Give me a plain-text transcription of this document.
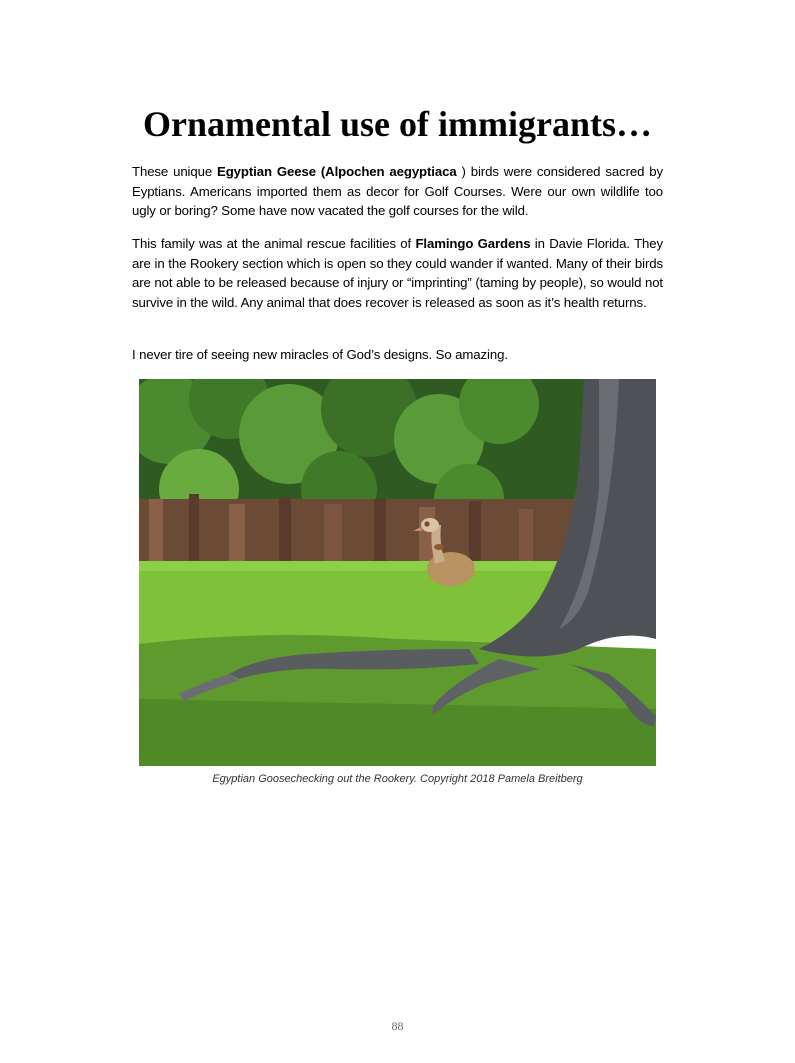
Ornamental use of immigrants…
These unique Egyptian Geese (Alpochen aegyptiaca ) birds were considered sacred by Eyptians. Americans imported them as decor for Golf Courses. Were our own wildlife too ugly or boring? Some have now vacated the golf courses for the wild.
This family was at the animal rescue facilities of Flamingo Gardens in Davie Florida. They are in the Rookery section which is open so they could wander if wanted. Many of their birds are not able to be released because of injury or “imprinting” (taming by people), so would not survive in the wild. Any animal that does recover is released as soon as it’s health returns.
I never tire of seeing new miracles of God’s designs. So amazing.
Egyptian Goosechecking out the Rookery. Copyright 2018 Pamela Breitberg
88
